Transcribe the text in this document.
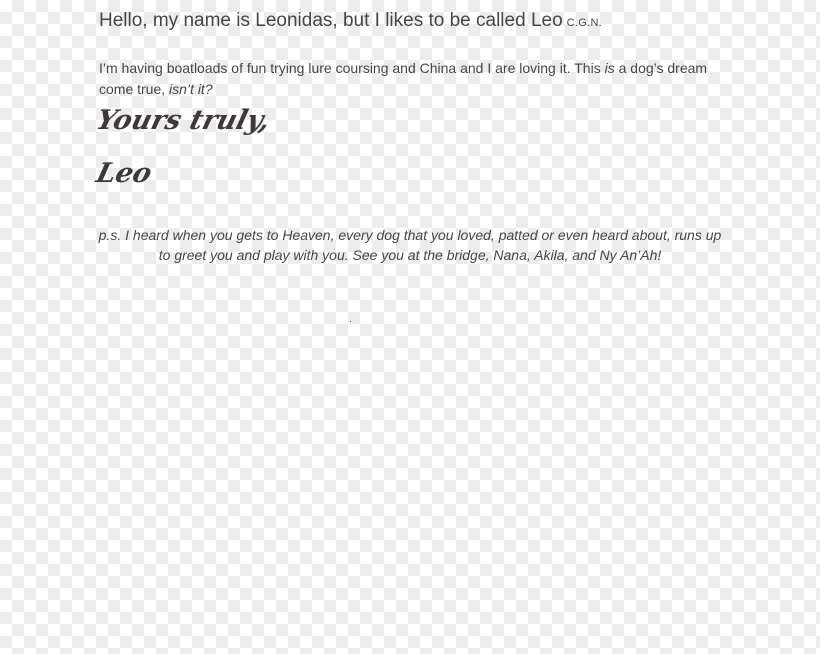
Hello, my name is Leonidas, but I likes to be called Leo C.G.N.

I’m having boatloads of fun trying lure coursing and China and I are loving it. This is a dog’s dream come true, isn’t it?

Yours truly,
Leo

p.s. I heard when you gets to Heaven, every dog that you loved, patted or even heard about, runs up to greet you and play with you. See you at the bridge, Nana, Akila, and Ny An’Ah!
